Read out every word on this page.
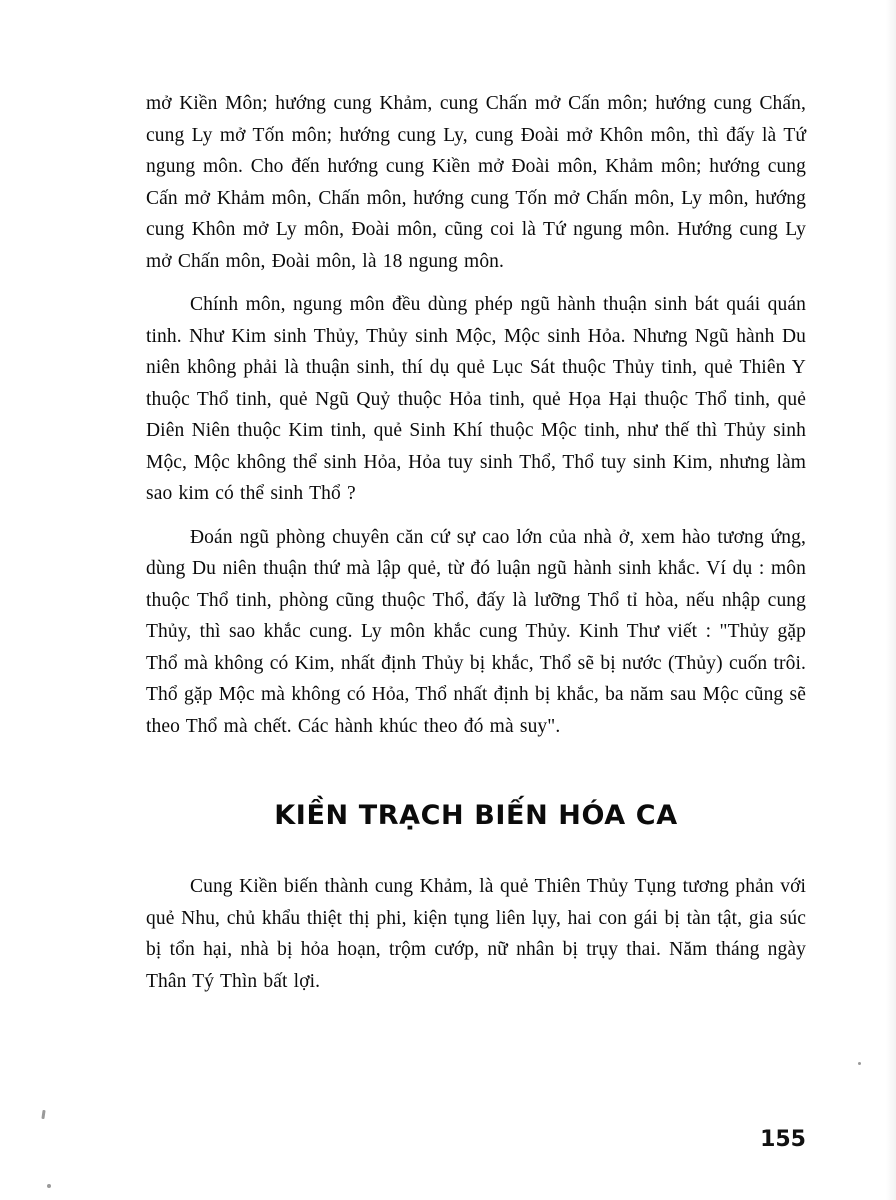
mở Kiền Môn; hướng cung Khảm, cung Chấn mở Cấn môn; hướng cung Chấn, cung Ly mở Tốn môn; hướng cung Ly, cung Đoài mở Khôn môn, thì đấy là Tứ ngung môn. Cho đến hướng cung Kiền mở Đoài môn, Khảm môn; hướng cung Cấn mở Khảm môn, Chấn môn, hướng cung Tốn mở Chấn môn, Ly môn, hướng cung Khôn mở Ly môn, Đoài môn, cũng coi là Tứ ngung môn. Hướng cung Ly mở Chấn môn, Đoài môn, là 18 ngung môn.

Chính môn, ngung môn đều dùng phép ngũ hành thuận sinh bát quái quán tinh. Như Kim sinh Thủy, Thủy sinh Mộc, Mộc sinh Hỏa. Nhưng Ngũ hành Du niên không phải là thuận sinh, thí dụ quẻ Lục Sát thuộc Thủy tinh, quẻ Thiên Y thuộc Thổ tinh, quẻ Ngũ Quỷ thuộc Hỏa tinh, quẻ Họa Hại thuộc Thổ tinh, quẻ Diên Niên thuộc Kim tinh, quẻ Sinh Khí thuộc Mộc tinh, như thế thì Thủy sinh Mộc, Mộc không thể sinh Hỏa, Hỏa tuy sinh Thổ, Thổ tuy sinh Kim, nhưng làm sao kim có thể sinh Thổ ?

Đoán ngũ phòng chuyên căn cứ sự cao lớn của nhà ở, xem hào tương ứng, dùng Du niên thuận thứ mà lập quẻ, từ đó luận ngũ hành sinh khắc. Ví dụ : môn thuộc Thổ tinh, phòng cũng thuộc Thổ, đấy là lưỡng Thổ tỉ hòa, nếu nhập cung Thủy, thì sao khắc cung. Ly môn khắc cung Thủy. Kinh Thư viết : "Thủy gặp Thổ mà không có Kim, nhất định Thủy bị khắc, Thổ sẽ bị nước (Thủy) cuốn trôi. Thổ gặp Mộc mà không có Hỏa, Thổ nhất định bị khắc, ba năm sau Mộc cũng sẽ theo Thổ mà chết. Các hành khúc theo đó mà suy".

KIỀN TRẠCH BIẾN HÓA CA

Cung Kiền biến thành cung Khảm, là quẻ Thiên Thủy Tụng tương phản với quẻ Nhu, chủ khẩu thiệt thị phi, kiện tụng liên lụy, hai con gái bị tàn tật, gia súc bị tổn hại, nhà bị hỏa hoạn, trộm cướp, nữ nhân bị trụy thai. Năm tháng ngày Thân Tý Thìn bất lợi.

155
